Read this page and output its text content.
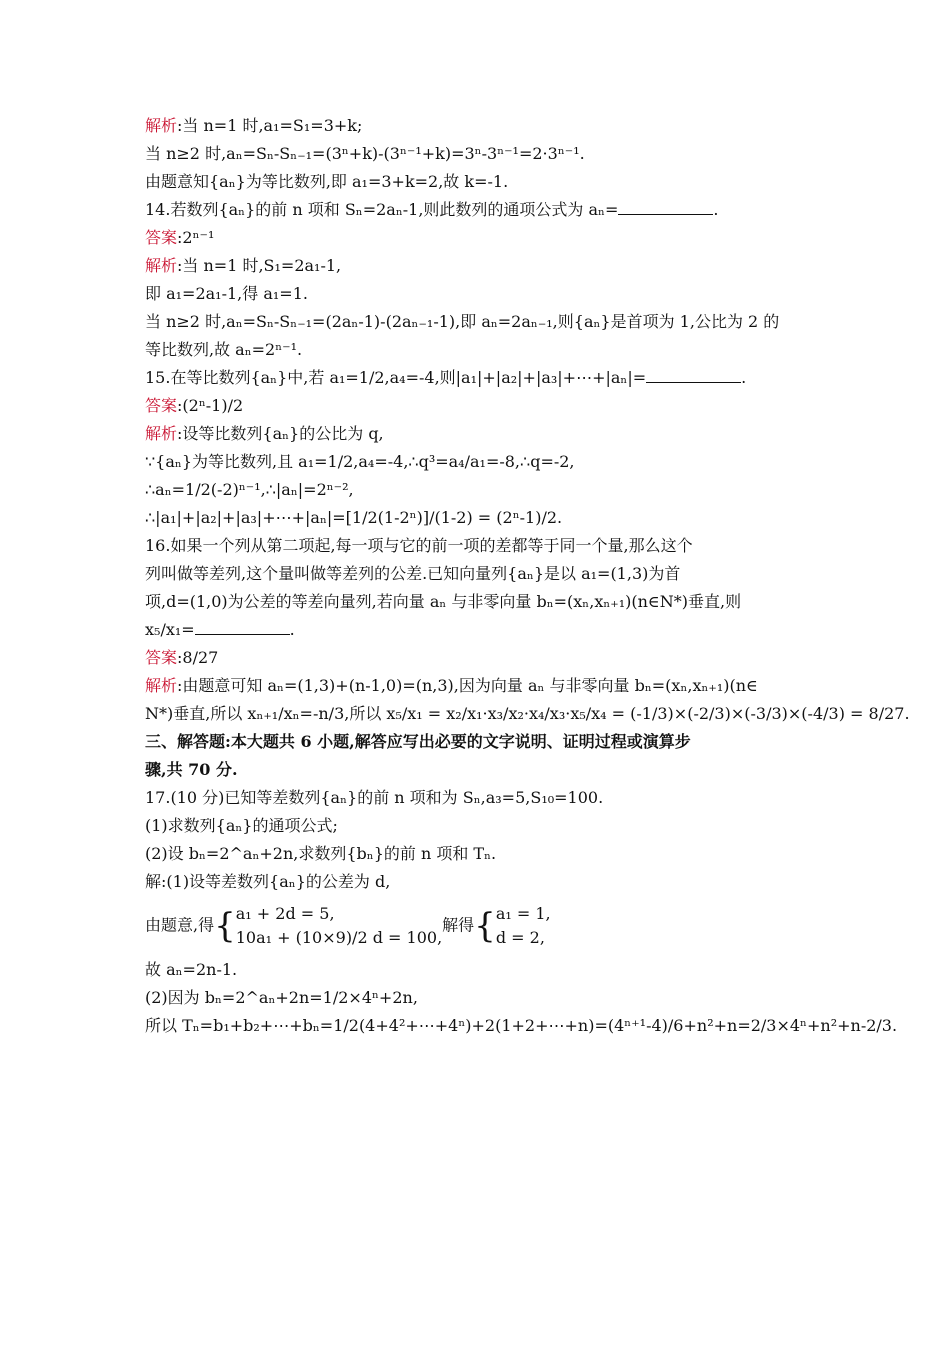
解析:当 n=1 时,a₁=S₁=3+k;
当 n≥2 时,aₙ=Sₙ-Sₙ₋₁=(3ⁿ+k)-(3ⁿ⁻¹+k)=3ⁿ-3ⁿ⁻¹=2·3ⁿ⁻¹.
由题意知{aₙ}为等比数列,即 a₁=3+k=2,故 k=-1.
14.若数列{aₙ}的前 n 项和 Sₙ=2aₙ-1,则此数列的通项公式为 aₙ=	.
答案:2ⁿ⁻¹
解析:当 n=1 时,S₁=2a₁-1,
即 a₁=2a₁-1,得 a₁=1.
当 n≥2 时,aₙ=Sₙ-Sₙ₋₁=(2aₙ-1)-(2aₙ₋₁-1),即 aₙ=2aₙ₋₁,则{aₙ}是首项为 1,公比为 2 的
等比数列,故 aₙ=2ⁿ⁻¹.
15.在等比数列{aₙ}中,若 a₁=1/2,a₄=-4,则|a₁|+|a₂|+|a₃|+⋯+|aₙ|=	.
答案:(2ⁿ-1)/2
解析:设等比数列{aₙ}的公比为 q,
∵{aₙ}为等比数列,且 a₁=1/2,a₄=-4,∴q³=a₄/a₁=-8,∴q=-2,
∴aₙ=1/2(-2)ⁿ⁻¹,∴|aₙ|=2ⁿ⁻²,
∴|a₁|+|a₂|+|a₃|+⋯+|aₙ|=[1/2(1-2ⁿ)]/(1-2) = (2ⁿ-1)/2.
16.如果一个列从第二项起,每一项与它的前一项的差都等于同一个量,那么这个
列叫做等差列,这个量叫做等差列的公差.已知向量列{aₙ}是以 a₁=(1,3)为首
项,d=(1,0)为公差的等差向量列,若向量 aₙ 与非零向量 bₙ=(xₙ,xₙ₊₁)(n∈N*)垂直,则
x₅/x₁=	.
答案:8/27
解析:由题意可知 aₙ=(1,3)+(n-1,0)=(n,3),因为向量 aₙ 与非零向量 bₙ=(xₙ,xₙ₊₁)(n∈
N*)垂直,所以 xₙ₊₁/xₙ=-n/3,所以 x₅/x₁ = x₂/x₁·x₃/x₂·x₄/x₃·x₅/x₄ = (-1/3)×(-2/3)×(-3/3)×(-4/3) = 8/27.
三、解答题:本大题共 6 小题,解答应写出必要的文字说明、证明过程或演算步
骤,共 70 分.
17.(10 分)已知等差数列{aₙ}的前 n 项和为 Sₙ,a₃=5,S₁₀=100.
(1)求数列{aₙ}的通项公式;
(2)设 bₙ=2^aₙ+2n,求数列{bₙ}的前 n 项和 Tₙ.
解:(1)设等差数列{aₙ}的公差为 d,
由题意,得{ a₁ + 2d = 5,
10a₁ + (10×9)/2 d = 100,
解得{ a₁ = 1,
d = 2,
故 aₙ=2n-1.
(2)因为 bₙ=2^aₙ+2n=1/2×4ⁿ+2n,
所以 Tₙ=b₁+b₂+⋯+bₙ=1/2(4+4²+⋯+4ⁿ)+2(1+2+⋯+n)=(4ⁿ⁺¹-4)/6+n²+n=2/3×4ⁿ+n²+n-2/3.
